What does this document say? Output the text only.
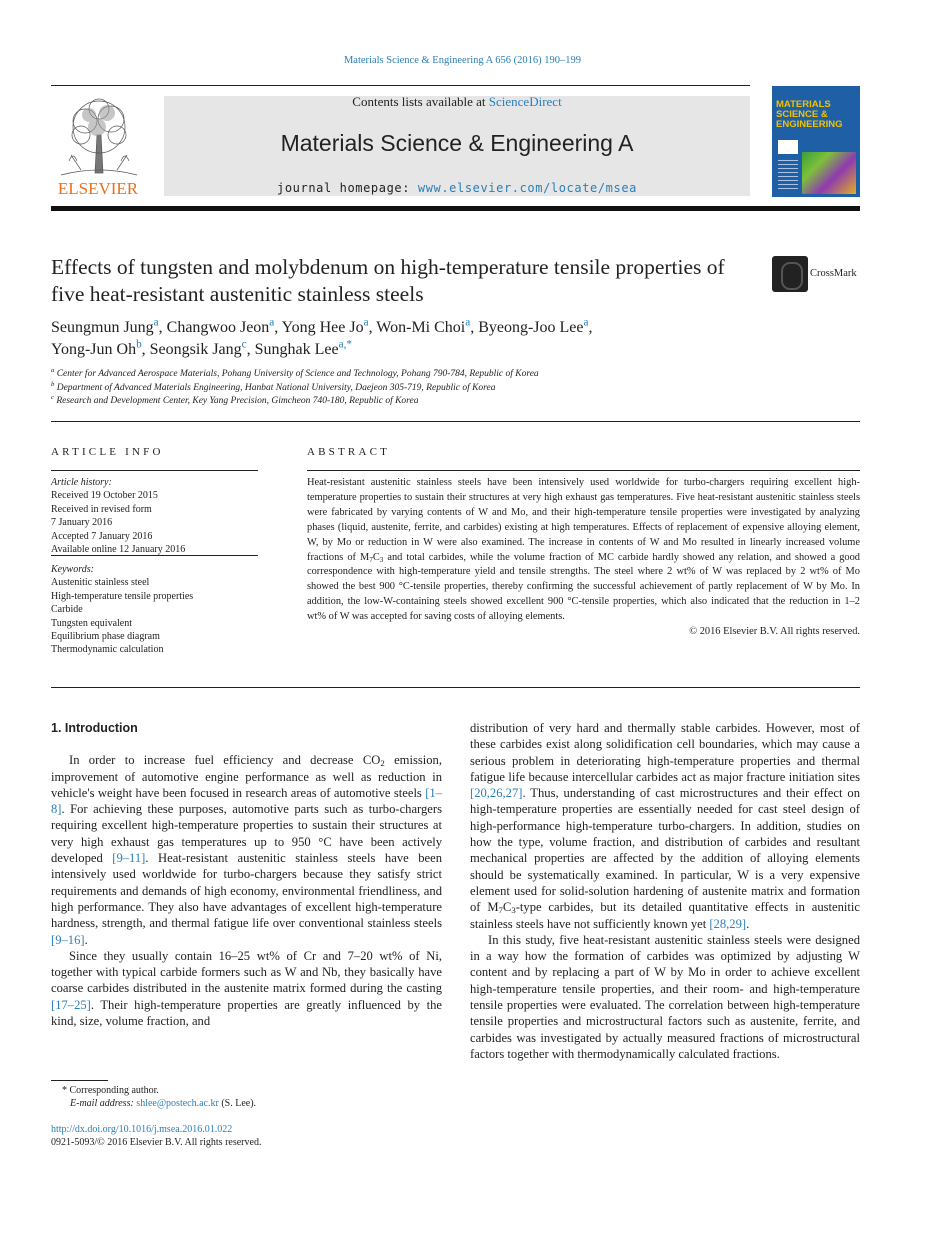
Materials Science & Engineering A 656 (2016) 190–199
ELSEVIER
Contents lists available at ScienceDirect
Materials Science & Engineering A
journal homepage: www.elsevier.com/locate/msea
MATERIALS SCIENCE & ENGINEERING
Effects of tungsten and molybdenum on high-temperature tensile properties of five heat-resistant austenitic stainless steels
CrossMark
Seungmun Jung$^a$, Changwoo Jeon$^a$, Yong Hee Jo$^a$, Won-Mi Choi$^a$, Byeong-Joo Lee$^a$,
Yong-Jun Oh$^b$, Seongsik Jang$^c$, Sunghak Lee$^{a,*}$
$^a$ Center for Advanced Aerospace Materials, Pohang University of Science and Technology, Pohang 790-784, Republic of Korea
$^b$ Department of Advanced Materials Engineering, Hanbat National University, Daejeon 305-719, Republic of Korea
$^c$ Research and Development Center, Key Yang Precision, Gimcheon 740-180, Republic of Korea
ARTICLE INFO
Article history:
Received 19 October 2015
Received in revised form
7 January 2016
Accepted 7 January 2016
Available online 12 January 2016
Keywords:
Austenitic stainless steel
High-temperature tensile properties
Carbide
Tungsten equivalent
Equilibrium phase diagram
Thermodynamic calculation
ABSTRACT
Heat-resistant austenitic stainless steels have been intensively used worldwide for turbo-chargers requiring excellent high-temperature properties to sustain their structures at very high exhaust gas temperatures. Five heat-resistant austenitic stainless steels were fabricated by varying contents of W and Mo, and their high-temperature tensile properties were investigated by analyzing phases (liquid, austenite, ferrite, and carbides) existing at high temperatures. Effects of replacement of expensive alloying element, W, by Mo or reduction in W were also examined. The increase in contents of W and Mo resulted in linearly increased volume fractions of $M_7C_3$ and total carbides, while the volume fraction of MC carbide hardly showed any relation, and showed a good correspondence with high-temperature yield and tensile strengths. The steel where 2 wt% of W was replaced by 2 wt% of Mo showed the best 900 °C-tensile properties, thereby confirming the successful achievement of partly replacement of W by Mo. In addition, the low-W-containing steels showed excellent 900 °C-tensile properties, which also indicated that the reduction in 1–2 wt% of W was accepted for saving costs of alloying elements.
© 2016 Elsevier B.V. All rights reserved.
1. Introduction

In order to increase fuel efficiency and decrease $CO_2$ emission, improvement of automotive engine performance as well as reduction in vehicle's weight have been focused in research areas of automotive steels [1–8]. For achieving these purposes, automotive parts such as turbo-chargers requiring excellent high-temperature properties to sustain their structures at very high exhaust gas temperatures up to 950 °C have been actively developed [9–11]. Heat-resistant austenitic stainless steels have been intensively used worldwide for turbo-chargers because they satisfy strict requirements and demands of high economy, environmental friendliness, and high performance. They also have advantages of excellent high-temperature hardness, strength, and thermal fatigue life over conventional stainless steels [9–16].

Since they usually contain 16–25 wt% of Cr and 7–20 wt% of Ni, together with typical carbide formers such as W and Nb, they basically have coarse carbides distributed in the austenite matrix formed during the casting [17–25]. Their high-temperature properties are greatly influenced by the kind, size, volume fraction, and

distribution of very hard and thermally stable carbides. However, most of these carbides exist along solidification cell boundaries, which may cause a serious problem in deteriorating high-temperature properties and thermal fatigue life because intercellular carbides act as major fracture initiation sites [20,26,27]. Thus, understanding of cast microstructures and their effect on high-temperature properties are essentially needed for cast steel design of high-performance high-temperature turbo-chargers. In addition, studies on how the type, volume fraction, and distribution of carbides and resultant mechanical properties are affected by the addition of alloying elements should be systematically examined. In particular, W is a very expensive element used for solid-solution hardening of austenite matrix and formation of $M_7C_3$-type carbides, but its detailed quantitative effects in austenitic stainless steels have not sufficiently known yet [28,29].

In this study, five heat-resistant austenitic stainless steels were designed in a way how the formation of carbides was optimized by adjusting W content and by replacing a part of W by Mo in order to achieve excellent high-temperature tensile properties, and their room- and high-temperature tensile properties were evaluated. The correlation between high-temperature tensile properties and microstructural factors such as austenite, ferrite, and carbides was investigated by actually measured fractions of microstructural factors together with thermodynamically calculated fractions.

* Corresponding author.
E-mail address: shlee@postech.ac.kr (S. Lee).
http://dx.doi.org/10.1016/j.msea.2016.01.022
0921-5093/© 2016 Elsevier B.V. All rights reserved.
